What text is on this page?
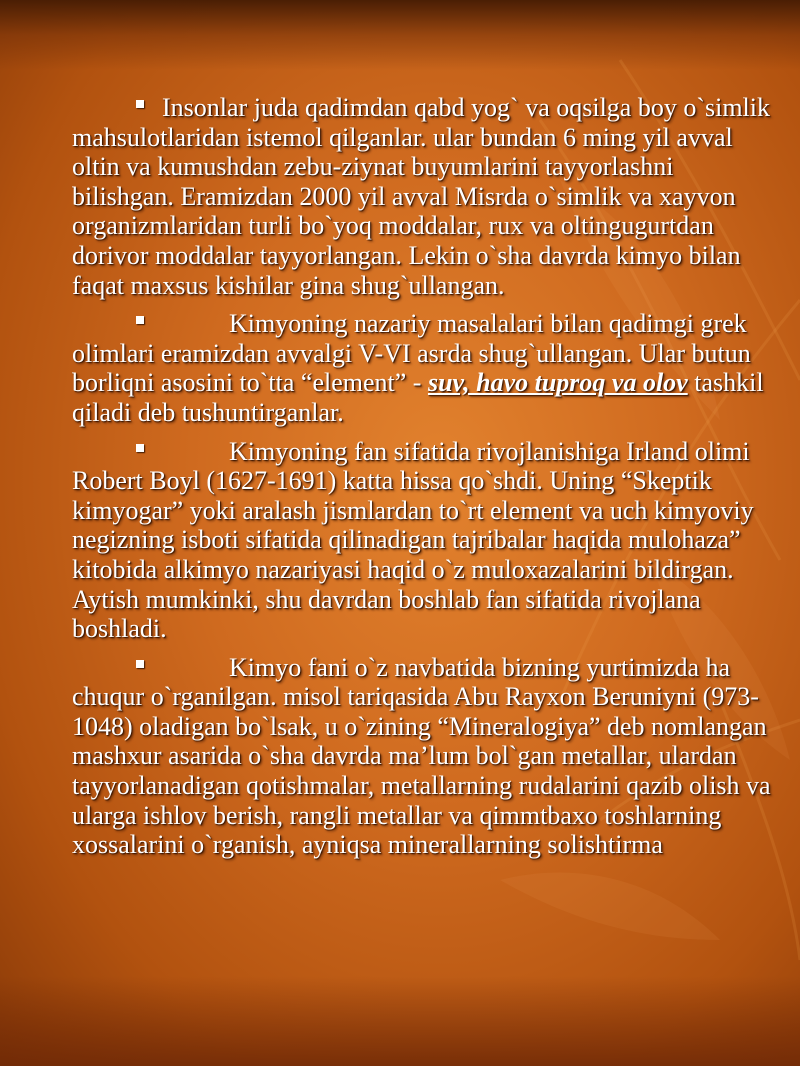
Insonlar juda qadimdan qabd yog` va oqsilga boy o`simlik mahsulotlaridan istemol qilganlar. ular bundan 6 ming yil avval oltin va kumushdan zebu-ziynat buyumlarini tayyorlashni bilishgan. Eramizdan 2000 yil avval Misrda o`simlik va xayvon organizmlaridan turli bo`yoq moddalar, rux va oltingugurtdan dorivor moddalar tayyorlangan. Lekin o`sha davrda kimyo bilan faqat maxsus kishilar gina shug`ullangan.
Kimyoning nazariy masalalari bilan qadimgi grek olimlari eramizdan avvalgi V-VI asrda shug`ullangan. Ular butun borliqni asosini to`tta “element” - suv, havo tuproq va olov tashkil qiladi deb tushuntirganlar.
Kimyoning fan sifatida rivojlanishiga Irland olimi Robert Boyl (1627-1691) katta hissa qo`shdi. Uning “Skeptik kimyogar” yoki aralash jismlardan to`rt element va uch kimyoviy negizning isboti sifatida qilinadigan tajribalar haqida mulohaza” kitobida alkimyo nazariyasi haqid o`z muloxazalarini bildirgan. Aytish mumkinki, shu davrdan boshlab fan sifatida rivojlana boshladi.
Kimyo fani o`z navbatida bizning yurtimizda ha chuqur o`rganilgan. misol tariqasida Abu Rayxon Beruniyni (973-1048) oladigan bo`lsak, u o`zining “Mineralogiya” deb nomlangan mashxur asarida o`sha davrda ma’lum bol`gan metallar, ulardan tayyorlanadigan qotishmalar, metallarning rudalarini qazib olish va ularga ishlov berish, rangli metallar va qimmtbaxo toshlarning xossalarini o`rganish, ayniqsa minerallarning solishtirma
